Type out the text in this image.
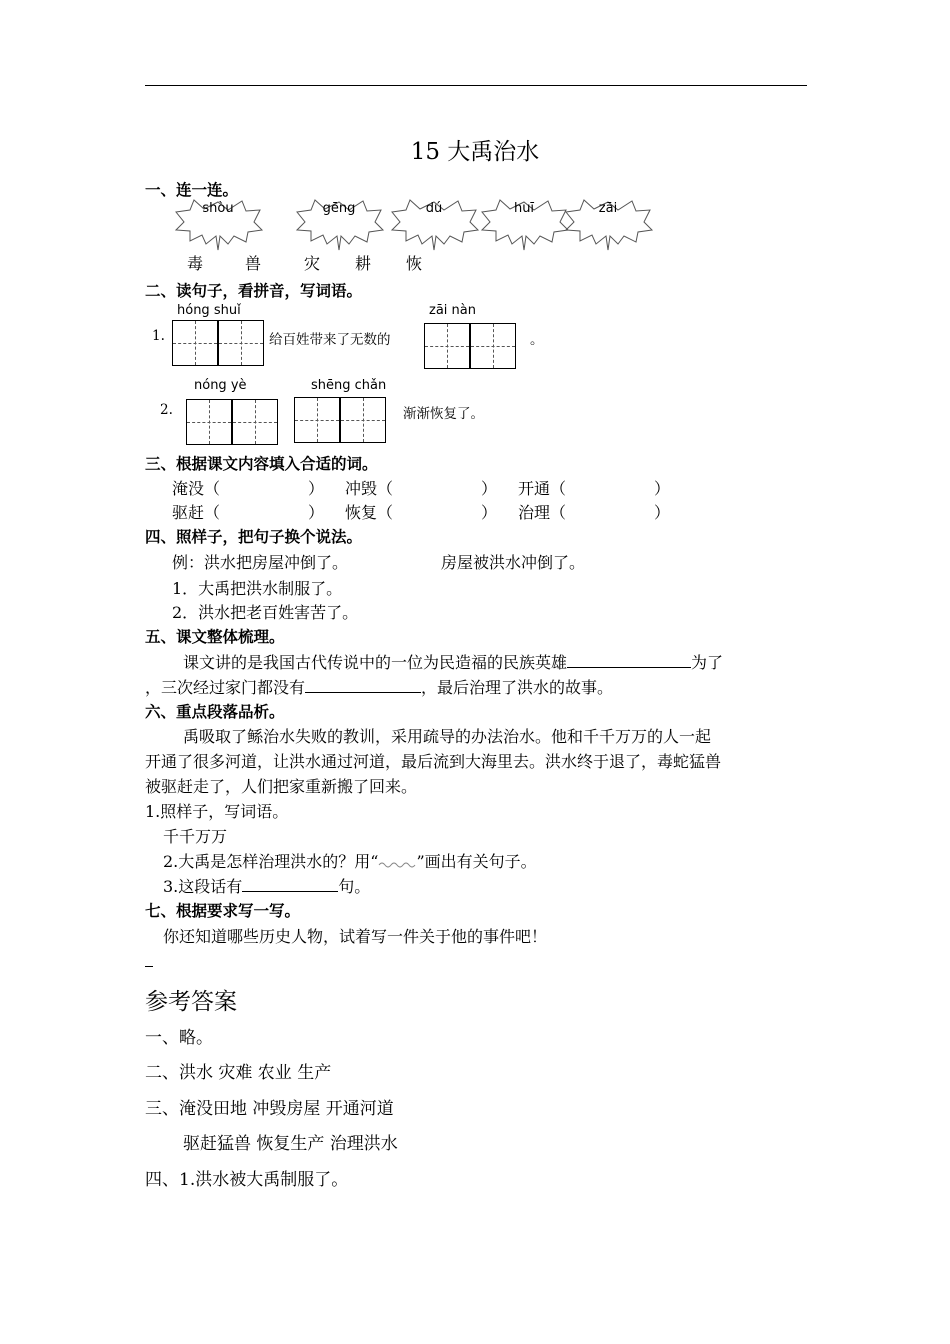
15 大禹治水
一、连一连。
shòu	gēng	dú	huī	zāi
毒	兽	灾 耕 恢
二、读句子，看拼音，写词语。
hóng shuǐ	zāi nàn
1.	给百姓带来了无数的	。
nóng yè	shēng chǎn
2.	渐渐恢复了。
三、根据课文内容填入合适的词。
淹没（	） 冲毁（	） 开通（	）
驱赶（	） 恢复（	） 治理（	）
四、照样子，把句子换个说法。
例：洪水把房屋冲倒了。	房屋被洪水冲倒了。
1．大禹把洪水制服了。
2．洪水把老百姓害苦了。
五、课文整体梳理。
课文讲的是我国古代传说中的一位为民造福的民族英雄	为了
，三次经过家门都没有	，最后治理了洪水的故事。
六、重点段落品析。
禹吸取了鲧治水失败的教训，采用疏导的办法治水。他和千千万万的人一起
开通了很多河道，让洪水通过河道，最后流到大海里去。洪水终于退了，毒蛇猛兽
被驱赶走了，人们把家重新搬了回来。
1.照样子，写词语。
千千万万
2.大禹是怎样治理洪水的？用“ ”画出有关句子。
3.这段话有	句。
七、根据要求写一写。
你还知道哪些历史人物，试着写一件关于他的事件吧！
参考答案
一、略。
二、洪水 灾难 农业 生产
三、淹没田地 冲毁房屋 开通河道
驱赶猛兽 恢复生产 治理洪水
四、1.洪水被大禹制服了。
